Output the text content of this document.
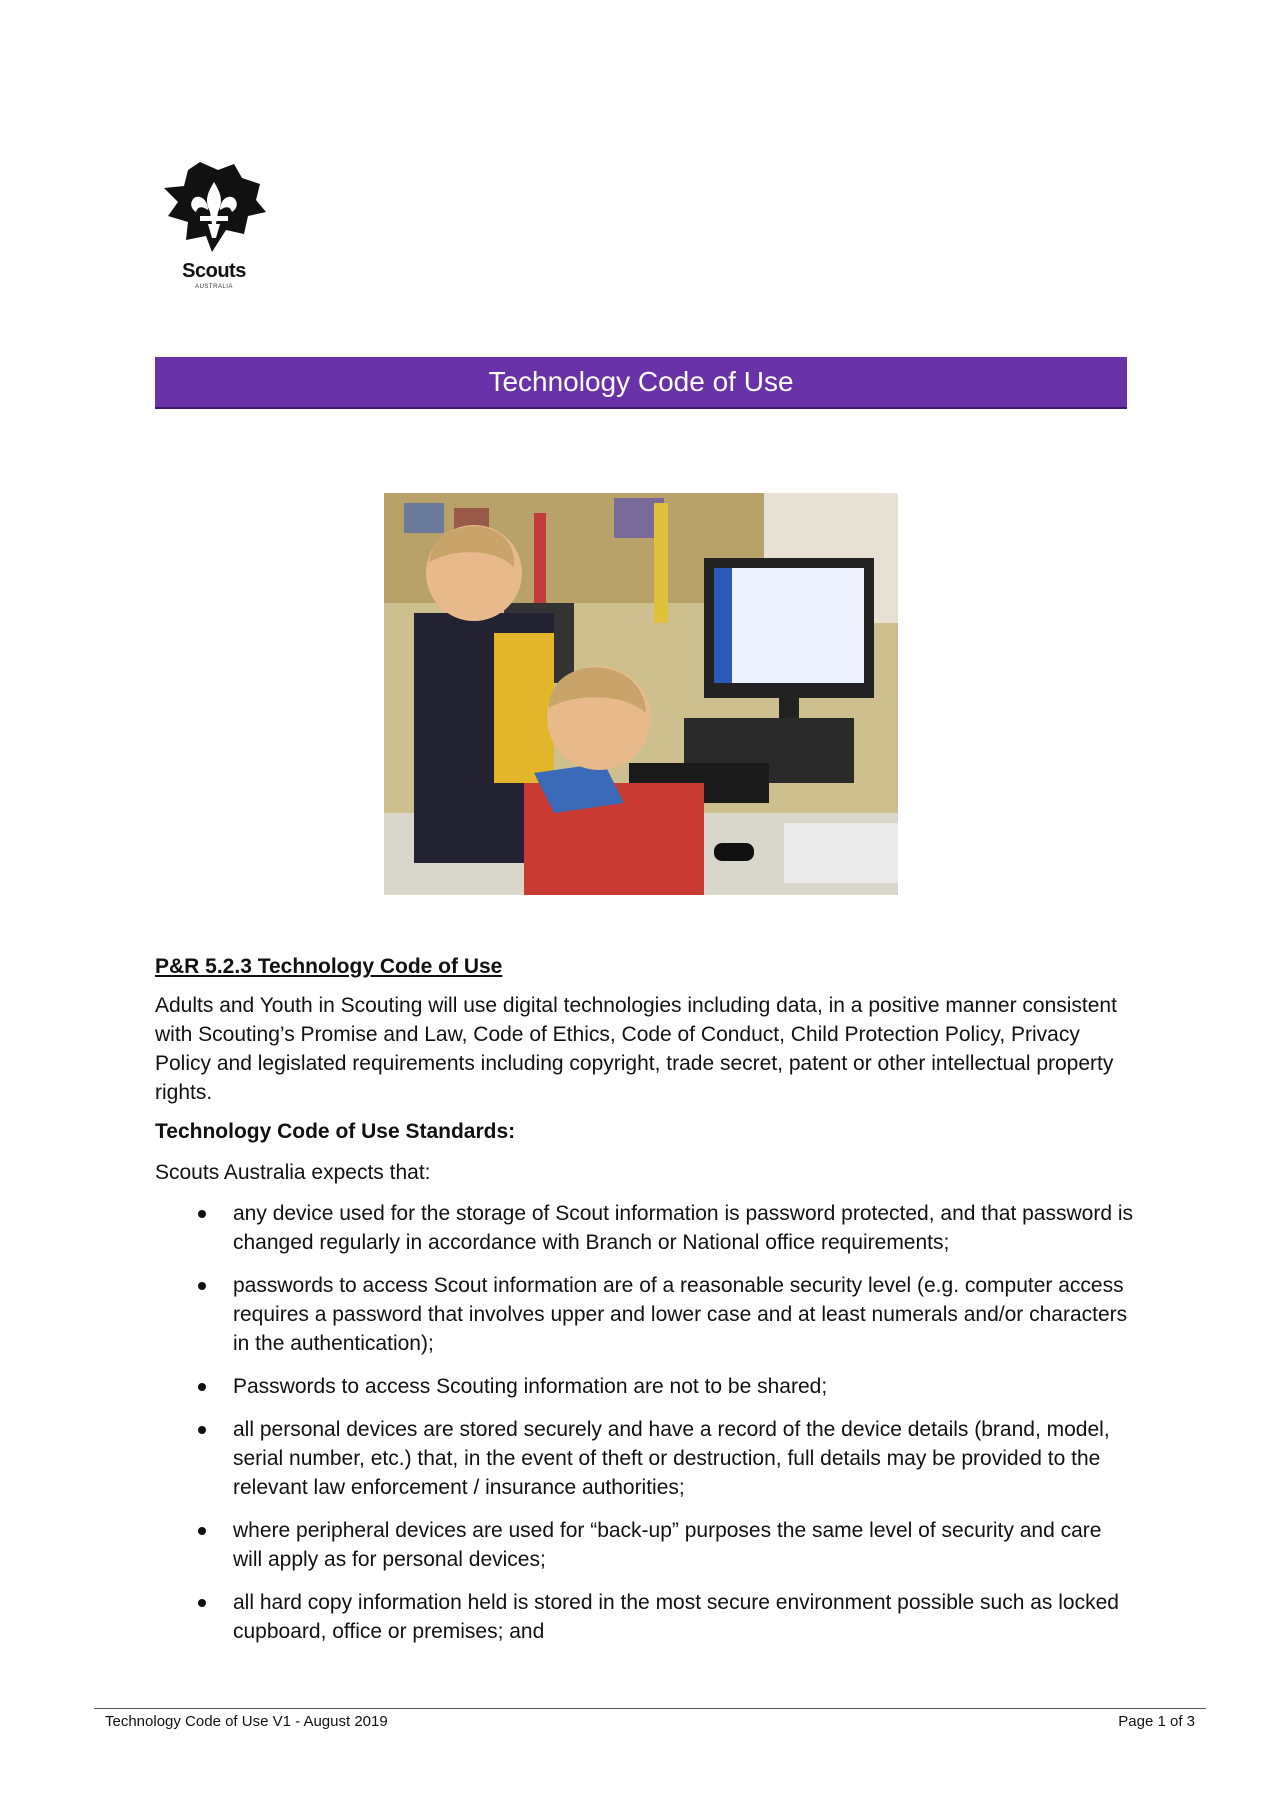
Scouts
AUSTRALIA
Technology Code of Use

P&R 5.2.3 Technology Code of Use

Adults and Youth in Scouting will use digital technologies including data, in a positive manner consistent with Scouting’s Promise and Law, Code of Ethics, Code of Conduct, Child Protection Policy, Privacy Policy and legislated requirements including copyright, trade secret, patent or other intellectual property rights.

Technology Code of Use Standards:

Scouts Australia expects that:

any device used for the storage of Scout information is password protected, and that password is changed regularly in accordance with Branch or National office requirements;
passwords to access Scout information are of a reasonable security level (e.g. computer access requires a password that involves upper and lower case and at least numerals and/or characters in the authentication);
Passwords to access Scouting information are not to be shared;
all personal devices are stored securely and have a record of the device details (brand, model, serial number, etc.) that, in the event of theft or destruction, full details may be provided to the relevant law enforcement / insurance authorities;
where peripheral devices are used for “back-up” purposes the same level of security and care will apply as for personal devices;
all hard copy information held is stored in the most secure environment possible such as locked cupboard, office or premises; and
Technology Code of Use V1 - August 2019	Page 1 of 3
